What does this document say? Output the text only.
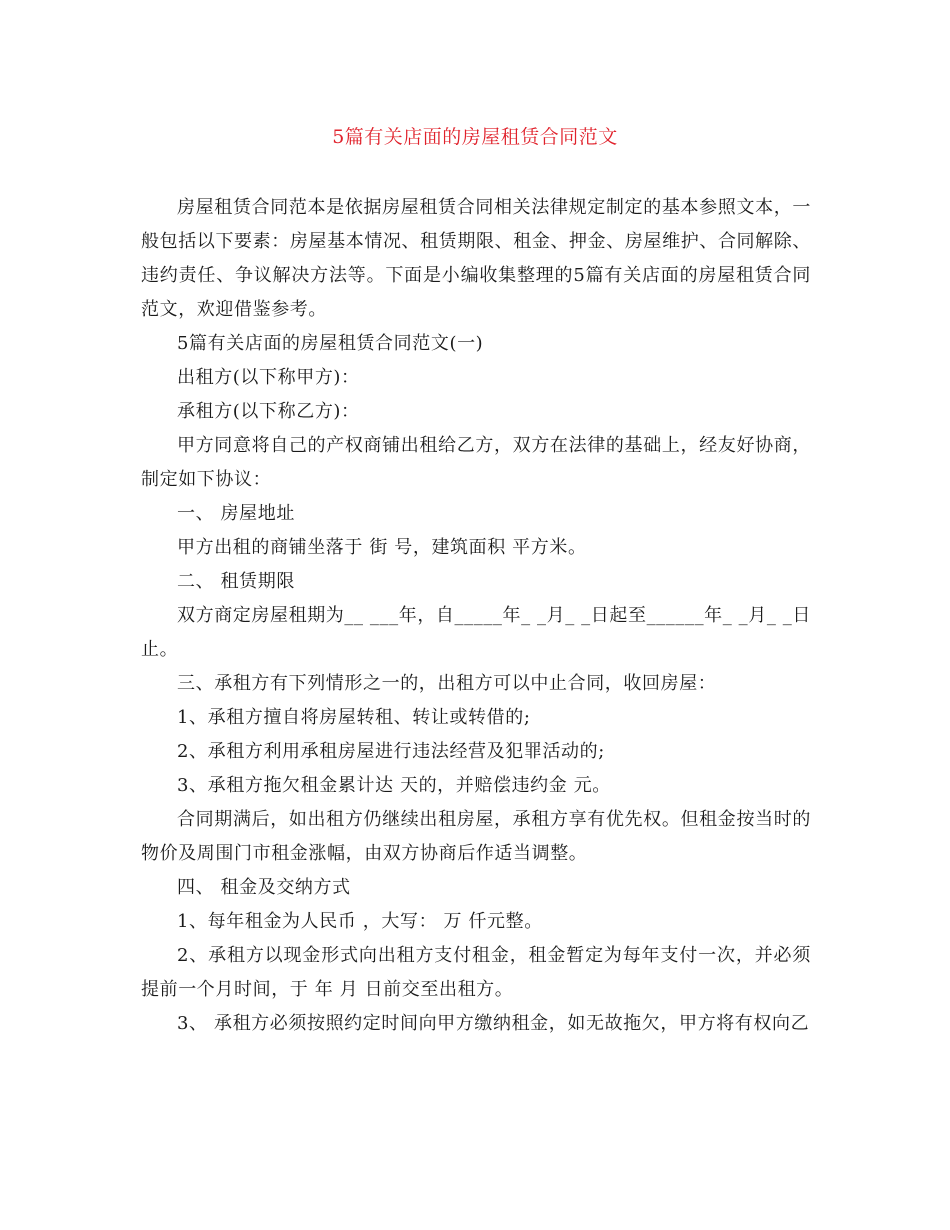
5篇有关店面的房屋租赁合同范文

房屋租赁合同范本是依据房屋租赁合同相关法律规定制定的基本参照文本，一般包括以下要素：房屋基本情况、租赁期限、租金、押金、房屋维护、合同解除、违约责任、争议解决方法等。下面是小编收集整理的5篇有关店面的房屋租赁合同范文，欢迎借鉴参考。

5篇有关店面的房屋租赁合同范文(一)

出租方(以下称甲方)：

承租方(以下称乙方)：

甲方同意将自己的产权商铺出租给乙方，双方在法律的基础上，经友好协商，制定如下协议：

一、 房屋地址

甲方出租的商铺坐落于 街 号，建筑面积 平方米。

二、 租赁期限

双方商定房屋租期为__ ___年，自_____年_ _月_ _日起至______年_ _月_ _日止。

三、承租方有下列情形之一的，出租方可以中止合同，收回房屋：

1、承租方擅自将房屋转租、转让或转借的;

2、承租方利用承租房屋进行违法经营及犯罪活动的;

3、承租方拖欠租金累计达 天的，并赔偿违约金 元。

合同期满后，如出租方仍继续出租房屋，承租方享有优先权。但租金按当时的物价及周围门市租金涨幅，由双方协商后作适当调整。

四、 租金及交纳方式

1、每年租金为人民币 ，大写： 万 仟元整。

2、承租方以现金形式向出租方支付租金，租金暂定为每年支付一次，并必须提前一个月时间，于 年 月 日前交至出租方。

3、 承租方必须按照约定时间向甲方缴纳租金，如无故拖欠，甲方将有权向乙
